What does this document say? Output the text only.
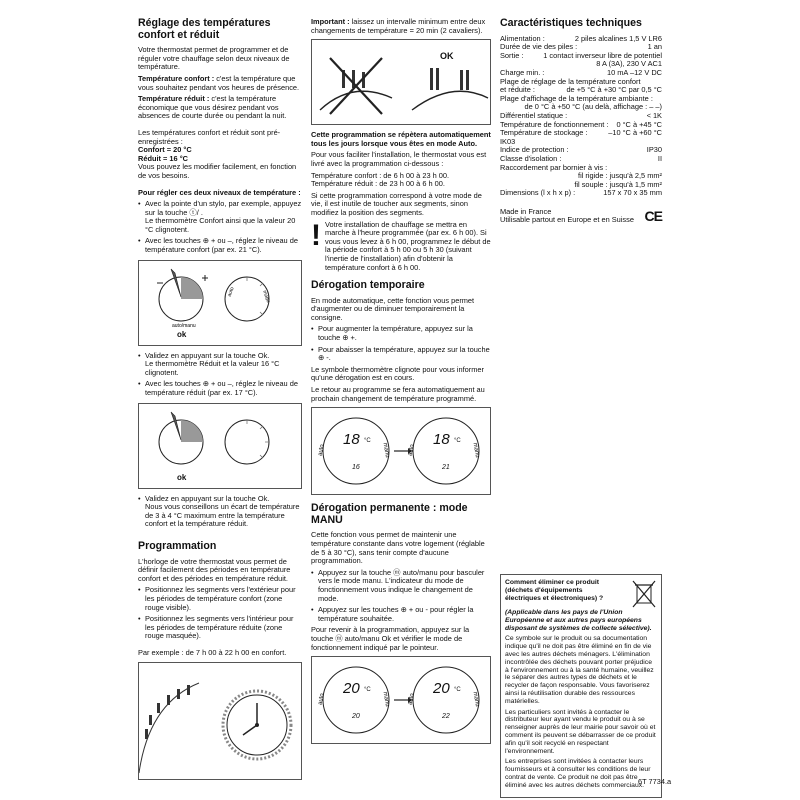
Réglage des températures confort et réduit

Votre thermostat permet de programmer et de réguler votre chauffage selon deux niveaux de température.

Température confort : c'est la température que vous souhaitez pendant vos heures de présence.

Température réduit : c'est la température économique que vous désirez pendant vos absences de courte durée ou pendant la nuit.

Les températures confort et réduit sont pré-enregistrées :

Confort = 20 °C

Réduit = 16 °C

Vous pouvez les modifier facilement, en fonction de vos besoins.

Pour régler ces deux niveaux de température :

• Avec la pointe d'un stylo, par exemple, appuyez sur la touche ⓣ/ .
Le thermomètre Confort ainsi que la valeur 20 °C clignotent.
• Avec les touches ⊕ + ou –, réglez le niveau de température confort (par ex. 21 °C).
auto/manu
auto	manu
ok
• Validez en appuyant sur la touche Ok.
Le thermomètre Réduit et la valeur 16 °C clignotent.
• Avec les touches ⊕ + ou –, réglez le niveau de température réduit (par ex. 17 °C).
ok
• Validez en appuyant sur la touche Ok.
Nous vous conseillons un écart de température de 3 à 4 °C maximum entre la température confort et la température réduit.
Programmation

L'horloge de votre thermostat vous permet de définir facilement des périodes en température confort et des périodes en température réduit.

• Positionnez les segments vers l'extérieur pour les périodes de température confort (zone rouge visible).
• Positionnez les segments vers l'intérieur pour les périodes de température réduite (zone rouge masquée).

Par exemple : de 7 h 00 à 22 h 00 en confort.

Important : laissez un intervalle minimum entre deux changements de température = 20 min (2 cavaliers).

OK

Cette programmation se répètera automatiquement tous les jours lorsque vous êtes en mode Auto.

Pour vous faciliter l'installation, le thermostat vous est livré avec la programmation ci-dessous :

Température confort : de 6 h 00 à 23 h 00.

Température réduit : de 23 h 00 à 6 h 00.

Si cette programmation correspond à votre mode de vie, il est inutile de toucher aux segments, sinon modifiez la position des segments.

! Votre installation de chauffage se mettra en marche à l'heure programmée (par ex. 6 h 00). Si vous vous levez à 6 h 00, programmez le début de la période confort à 5 h 00 ou 5 h 30 (suivant l'inertie de l'installation) afin d'obtenir la température confort à 6 h 00.
Dérogation temporaire

En mode automatique, cette fonction vous permet d'augmenter ou de diminuer temporairement la consigne.

• Pour augmenter la température, appuyez sur la touche ⊕ +.
• Pour abaisser la température, appuyez sur la touche ⊕ -.

Le symbole thermomètre clignote pour vous informer qu'une dérogation est en cours.

Le retour au programme se fera automatiquement au prochain changement de température programmé.

18 °C
16
auto	manu
18 °C
21
auto	manu
Dérogation permanente : mode MANU

Cette fonction vous permet de maintenir une température constante dans votre logement (réglable de 5 à 30 °C), sans tenir compte d'aucune programmation.

• Appuyez sur la touche ⓜ auto/manu pour basculer vers le mode manu. L'indicateur du mode de fonctionnement vous indique le changement de mode.
• Appuyez sur les touches ⊕ + ou - pour régler la température souhaitée.

Pour revenir à la programmation, appuyez sur la touche ⓜ auto/manu Ok et vérifier le mode de fonctionnement indiqué par le pointeur.

20 °C
20
auto	manu
20 °C
22
auto	manu
Caractéristiques techniques
Alimentation :	2 piles alcalines 1,5 V LR6
Durée de vie des piles :	1 an
Sortie :	1 contact inverseur libre de potentiel
8 A (3A), 230 V AC1
Charge min. :	10 mA –12 V DC
Plage de réglage de la température confort
et réduite :	de +5 °C à +30 °C par 0,5 °C
Plage d'affichage de la température ambiante :
de 0 °C à +50 °C (au delà, affichage : – –)
Différentiel statique :	< 1K
Température de fonctionnement : 0 °C à +45 °C
Température de stockage :	–10 °C à +60 °C
IK03
Indice de protection :	IP30
Classe d'isolation :	II
Raccordement par bornier à vis :
fil rigide : jusqu'à 2,5 mm²
fil souple : jusqu'à 1,5 mm²
Dimensions (l x h x p) :	157 x 70 x 35 mm

Made in France

Utilisable partout en Europe et en Suisse CE

Comment éliminer ce produit (déchets d'équipements électriques et électroniques) ?

(Applicable dans les pays de l'Union Européenne et aux autres pays européens disposant de systèmes de collecte sélective).

Ce symbole sur le produit ou sa documentation indique qu'il ne doit pas être éliminé en fin de vie avec les autres déchets ménagers. L'élimination incontrôlée des déchets pouvant porter préjudice à l'environnement ou à la santé humaine, veuillez le séparer des autres types de déchets et le recycler de façon responsable. Vous favoriserez ainsi la réutilisation durable des ressources matérielles.

Les particuliers sont invités à contacter le distributeur leur ayant vendu le produit ou à se renseigner auprès de leur mairie pour savoir où et comment ils peuvent se débarrasser de ce produit afin qu'il soit recyclé en respectant l'environnement.

Les entreprises sont invitées à contacter leurs fournisseurs et à consulter les conditions de leur contrat de vente. Ce produit ne doit pas être éliminé avec les autres déchets commerciaux.

6T 7734.a
